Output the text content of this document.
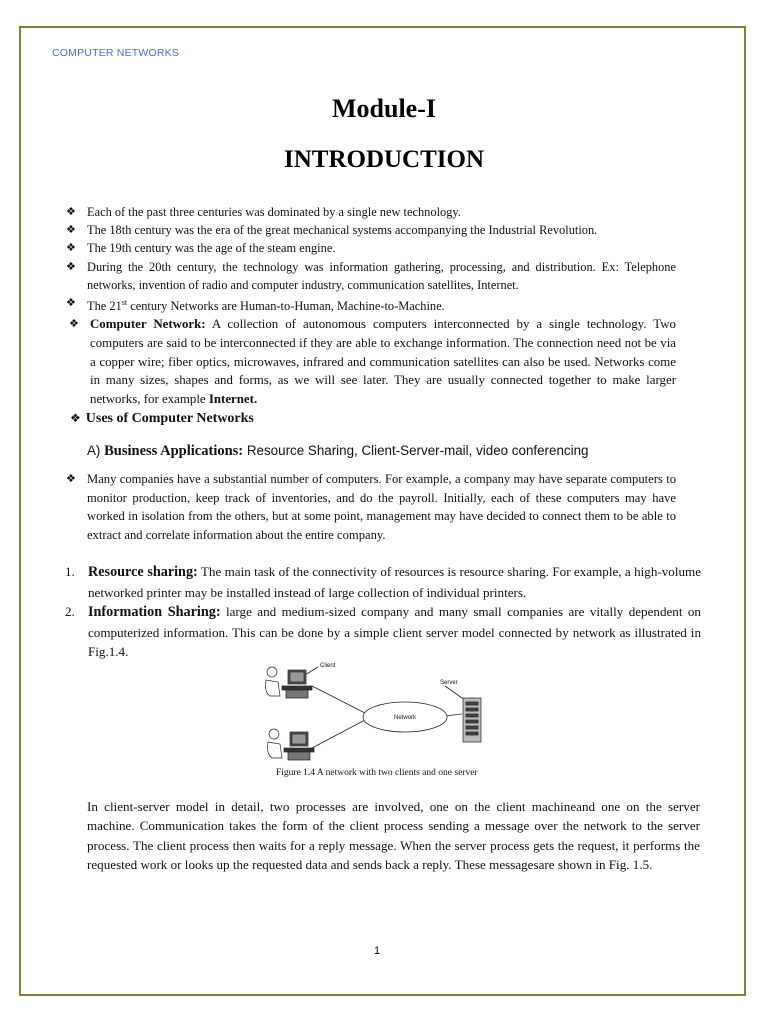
COMPUTER NETWORKS
Module-I
INTRODUCTION
❖ Each of the past three centuries was dominated by a single new technology.
❖ The 18th century was the era of the great mechanical systems accompanying the Industrial Revolution.
❖ The 19th century was the age of the steam engine.
❖ During the 20th century, the technology was information gathering, processing, and distribution. Ex: Telephone networks, invention of radio and computer industry, communication satellites, Internet.
❖ The 21st century Networks are Human-to-Human, Machine-to-Machine.
❖ Computer Network: A collection of autonomous computers interconnected by a single technology. Two computers are said to be interconnected if they are able to exchange information. The connection need not be via a copper wire; fiber optics, microwaves, infrared and communication satellites can also be used. Networks come in many sizes, shapes and forms, as we will see later. They are usually connected together to make larger networks, for example Internet.
❖ Uses of Computer Networks
A) Business Applications: Resource Sharing, Client-Server-mail, video conferencing
❖ Many companies have a substantial number of computers. For example, a company may have separate computers to monitor production, keep track of inventories, and do the payroll. Initially, each of these computers may have worked in isolation from the others, but at some point, management may have decided to connect them to be able to extract and correlate information about the entire company.
1. Resource sharing: The main task of the connectivity of resources is resource sharing. For example, a high-volume networked printer may be installed instead of large collection of individual printers.
2. Information Sharing: large and medium-sized company and many small companies are vitally dependent on computerized information. This can be done by a simple client server model connected by network as illustrated in Fig.1.4.
Client
Server
Network
Figure 1.4 A network with two clients and one server
In client-server model in detail, two processes are involved, one on the client machineand one on the server machine. Communication takes the form of the client process sending a message over the network to the server process. The client process then waits for a reply message. When the server process gets the request, it performs the requested work or looks up the requested data and sends back a reply. These messagesare shown in Fig. 1.5.
1
